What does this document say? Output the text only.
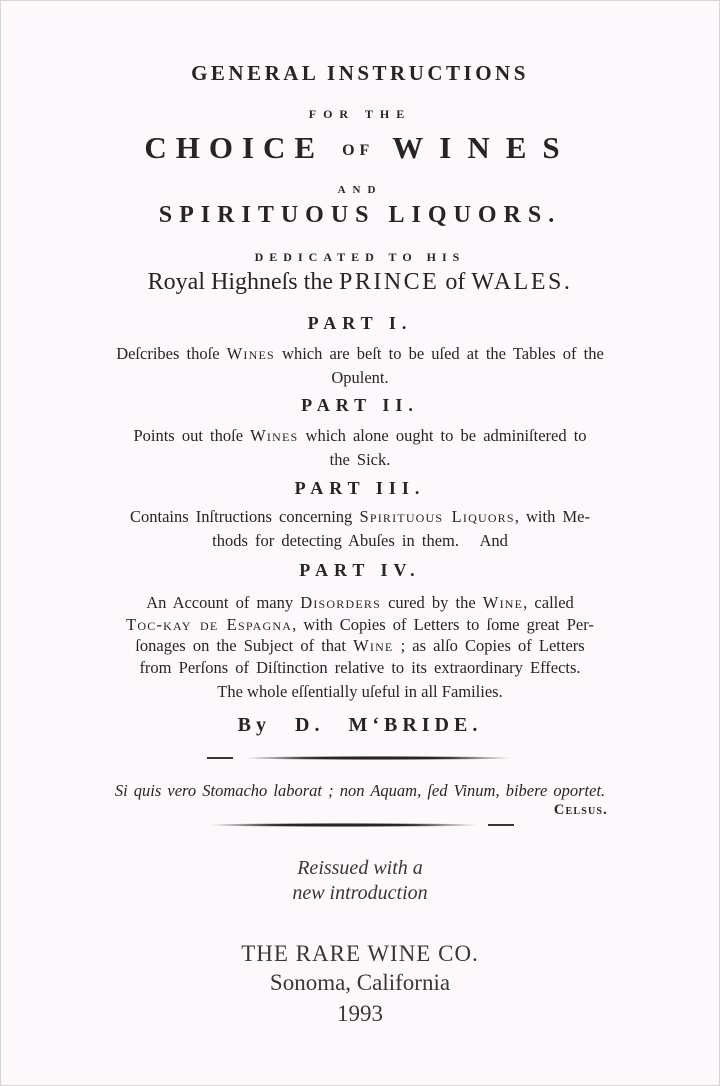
GENERAL INSTRUCTIONS
FOR THE
CHOICE OF WINES
AND
SPIRITUOUS LIQUORS.
DEDICATED TO HIS
Royal Highneſs the PRINCE of WALES.
PART I.
Deſcribes thoſe Wines which are beſt to be uſed at the Tables of the
Opulent.
PART II.
Points out thoſe Wines which alone ought to be adminiſtered to
the Sick.
PART III.
Contains Inſtructions concerning Spirituous Liquors, with Me-
thods for detecting Abuſes in them.   And
PART IV.
An Account of many Disorders cured by the Wine, called
Toc-kay de Espagna, with Copies of Letters to ſome great Per-
ſonages on the Subject of that Wine ; as alſo Copies of Letters
from Perſons of Diſtinction relative to its extraordinary Effects.
The whole eſſentially uſeful in all Families.
By D. M‘BRIDE.
Si quis vero Stomacho laborat ; non Aquam, ſed Vinum, bibere oportet.
Celsus.
Reissued with a
new introduction
THE RARE WINE CO.
Sonoma, California
1993
